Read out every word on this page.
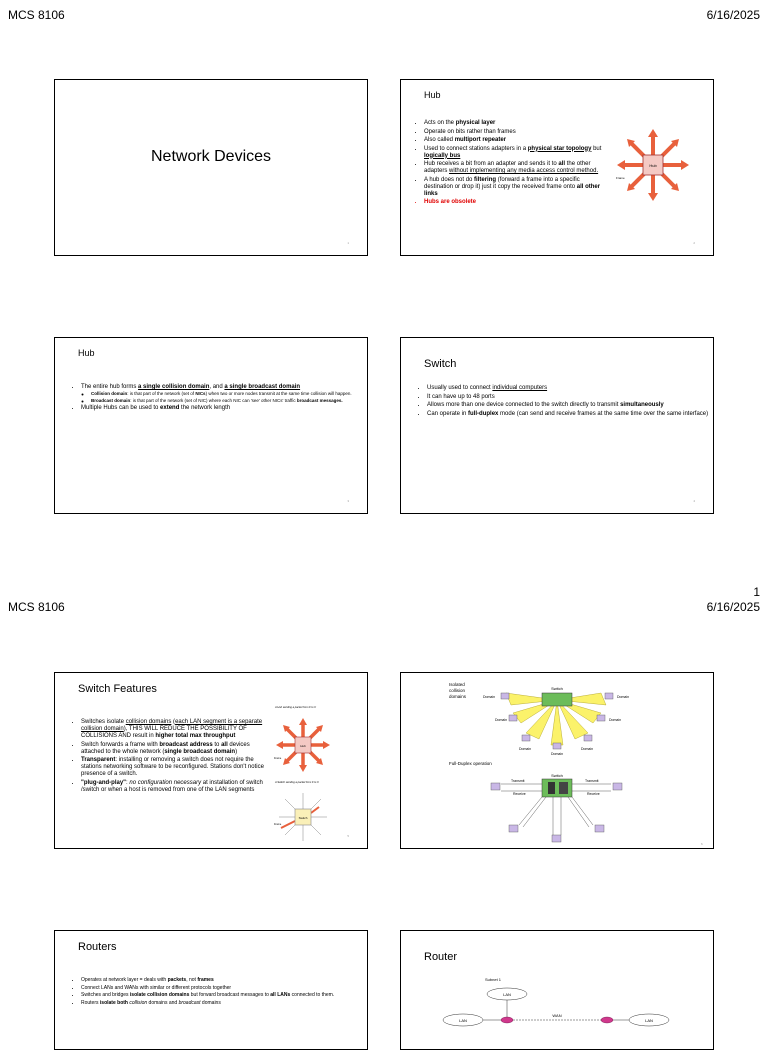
MCS 8106	6/16/2025
1
MCS 8106	6/16/2025
Network Devices
1
Hub
• Acts on the physical layer
• Operate on bits rather than frames
• Also called multiport repeater
• Used to connect stations adapters in a physical star topology but logically bus
• Hub receives a bit from an adapter and sends it to all the other adapters without implementing any media access control method.
• A hub does not do filtering (forward a frame into a specific destination or drop it) just it copy the received frame onto all other links
• Hubs are obsolete
Hub
Frame
2
Hub
• The entire hub forms a single collision domain, and a single broadcast domain
◦ Collision domain: is that part of the network (set of NICs) when two or more nodes transmit at the same time collision will happen.
◦ Broadcast domain: is that part of the network (set of NIC) where each NIC can 'see' other NICs' traffic broadcast messages.
• Multiple Hubs can be used to extend the network length
3
Switch
• Usually used to connect individual computers
• It can have up to 48 ports
• Allows more than one device connected to the switch directly to transmit simultaneously
• Can operate in full-duplex mode (can send and receive frames at the same time over the same interface)
4
Switch Features
• Switches isolate collision domains (each LAN segment is a separate collision domain), THIS WILL REDUCE THE POSSIBILITY OF COLLISIONS AND result in higher total max throughput
• Switch forwards a frame with broadcast address to all devices attached to the whole network (single broadcast domain)
• Transparent: installing or removing a switch does not require the stations networking software to be reconfigured. Stations don't notice presence of a switch.
• "plug-and-play": no configuration necessary at installation of switch /switch or when a host is removed from one of the LAN segments
A Hub sending a packet from F to C
Hub
Frame
A Switch sending a packet from F to C
Switch
Frame
5
Isolated
collision
domains
Switch
Domain	Domain
Domain	Domain
Domain	Domain
Domain
Full-Duplex operation
Switch
Transmit
Receive
Transmit
Receive
6
Routers
• Operates at network layer = deals with packets, not frames
• Connect LANs and WANs with similar or different protocols together
• Switches and bridges isolate collision domains but forward broadcast messages to all LANs connected to them.
• Routers isolate both collision domains and broadcast domains
Router
Subnet 1
LAN
LAN	LAN
WAN
